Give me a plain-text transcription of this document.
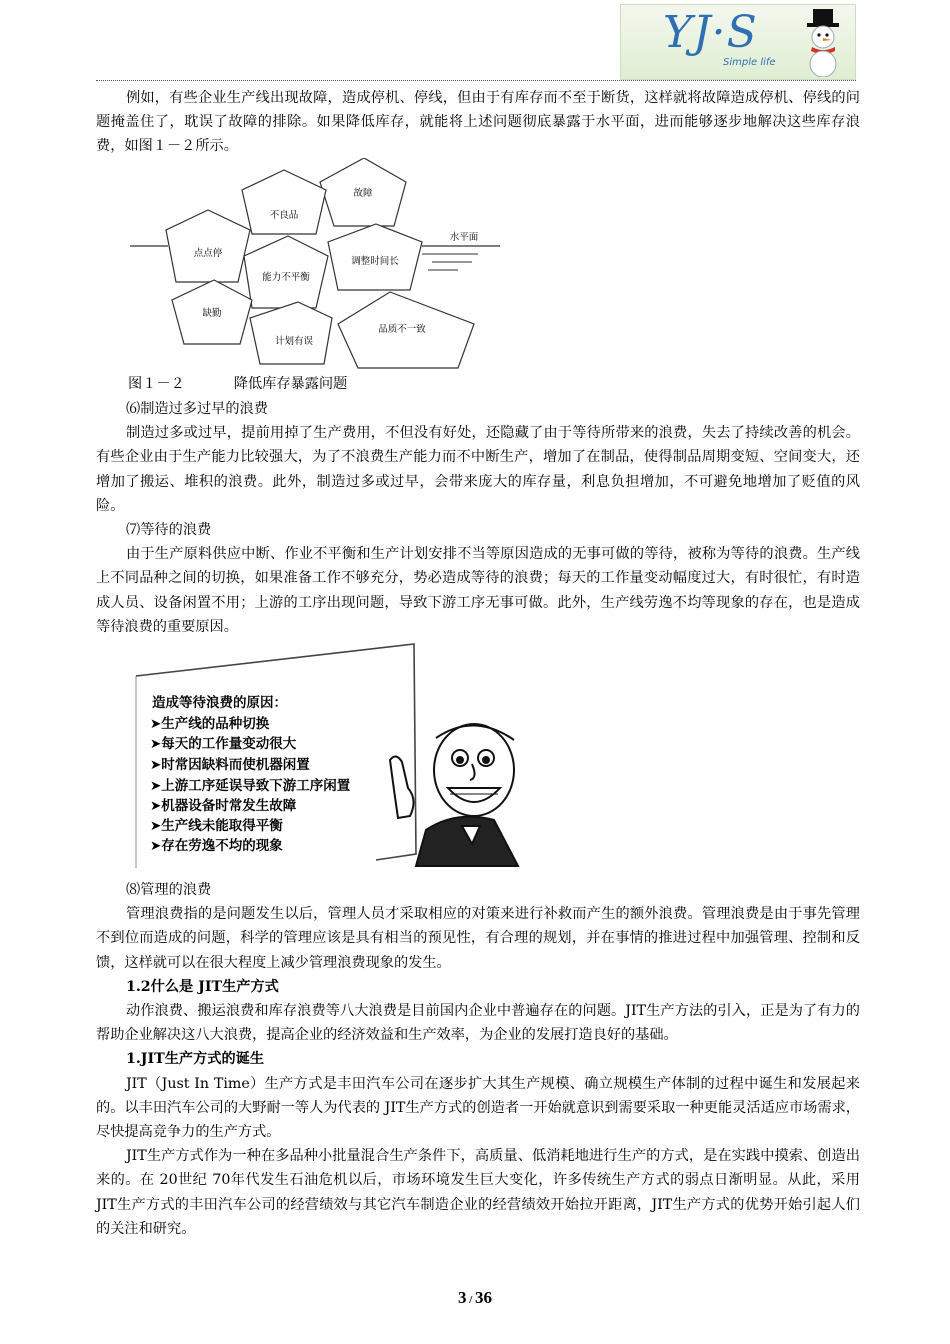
YJ·S
Simple life

例如，有些企业生产线出现故障，造成停机、停线，但由于有库存而不至于断货，这样就将故障造成停机、停线的问题掩盖住了，耽误了故障的排除。如果降低库存，就能将上述问题彻底暴露于水平面，进而能够逐步地解决这些库存浪费，如图１－２所示。

水平面
故障
不良品
点点停
调整时间长
能力不平衡
缺勤
计划有误
品质不一致
图１－２	降低库存暴露问题

⑹制造过多过早的浪费

制造过多或过早，提前用掉了生产费用，不但没有好处，还隐藏了由于等待所带来的浪费，失去了持续改善的机会。有些企业由于生产能力比较强大，为了不浪费生产能力而不中断生产，增加了在制品，使得制品周期变短、空间变大，还增加了搬运、堆积的浪费。此外，制造过多或过早，会带来庞大的库存量，利息负担增加，不可避免地增加了贬值的风险。

⑺等待的浪费

由于生产原料供应中断、作业不平衡和生产计划安排不当等原因造成的无事可做的等待，被称为等待的浪费。生产线上不同品种之间的切换，如果准备工作不够充分，势必造成等待的浪费；每天的工作量变动幅度过大，有时很忙，有时造成人员、设备闲置不用；上游的工序出现问题，导致下游工序无事可做。此外，生产线劳逸不均等现象的存在，也是造成等待浪费的重要原因。

造成等待浪费的原因：
➤生产线的品种切换
➤每天的工作量变动很大
➤时常因缺料而使机器闲置
➤上游工序延误导致下游工序闲置
➤机器设备时常发生故障
➤生产线未能取得平衡
➤存在劳逸不均的现象

⑻管理的浪费

管理浪费指的是问题发生以后，管理人员才采取相应的对策来进行补救而产生的额外浪费。管理浪费是由于事先管理不到位而造成的问题，科学的管理应该是具有相当的预见性，有合理的规划，并在事情的推进过程中加强管理、控制和反馈，这样就可以在很大程度上减少管理浪费现象的发生。

1.2什么是 JIT生产方式

动作浪费、搬运浪费和库存浪费等八大浪费是目前国内企业中普遍存在的问题。JIT生产方法的引入，正是为了有力的帮助企业解决这八大浪费，提高企业的经济效益和生产效率，为企业的发展打造良好的基础。

1.JIT生产方式的诞生

JIT（Just In Time）生产方式是丰田汽车公司在逐步扩大其生产规模、确立规模生产体制的过程中诞生和发展起来的。以丰田汽车公司的大野耐一等人为代表的 JIT生产方式的创造者一开始就意识到需要采取一种更能灵活适应市场需求，尽快提高竞争力的生产方式。

JIT生产方式作为一种在多品种小批量混合生产条件下，高质量、低消耗地进行生产的方式，是在实践中摸索、创造出来的。在 20世纪 70年代发生石油危机以后，市场环境发生巨大变化，许多传统生产方式的弱点日渐明显。从此，采用 JIT生产方式的丰田汽车公司的经营绩效与其它汽车制造企业的经营绩效开始拉开距离，JIT生产方式的优势开始引起人们的关注和研究。

3 / 36
